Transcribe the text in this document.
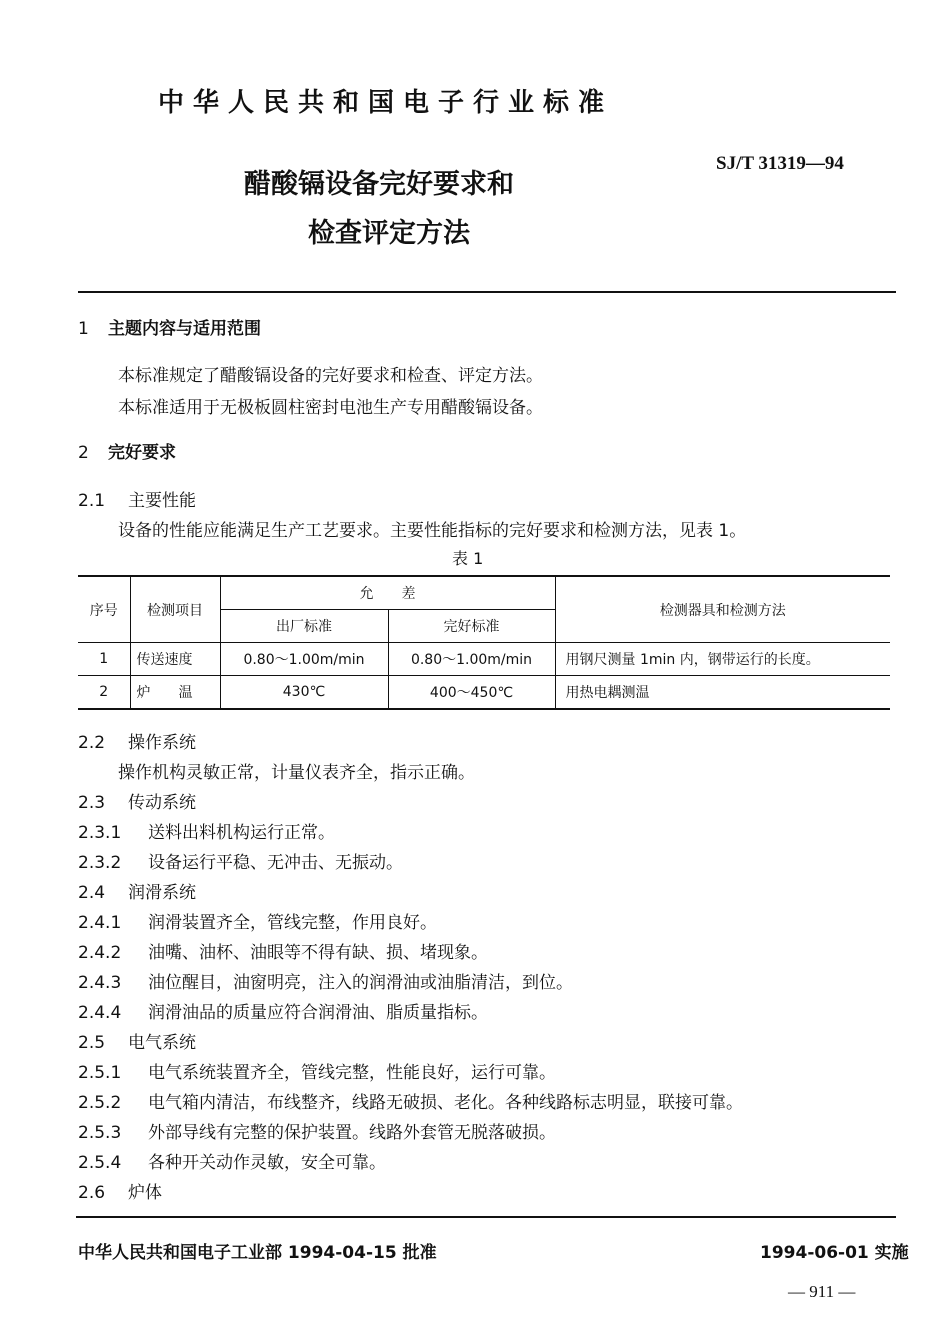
中华人民共和国电子行业标准
SJ/T 31319—94
醋酸镉设备完好要求和
检查评定方法
1 主题内容与适用范围
本标准规定了醋酸镉设备的完好要求和检查、评定方法。
本标准适用于无极板圆柱密封电池生产专用醋酸镉设备。
2 完好要求
2.1 主要性能
设备的性能应能满足生产工艺要求。主要性能指标的完好要求和检测方法，见表 1。
表 1
序号	检测项目	允　　差		检测器具和检测方法
		出厂标准	完好标准	
1	传送速度	0.80～1.00m/min	0.80～1.00m/min	用钢尺测量 1min 内，钢带运行的长度。
2	炉　　温	430℃	400～450℃	用热电耦测温
2.2 操作系统
操作机构灵敏正常，计量仪表齐全，指示正确。
2.3 传动系统
2.3.1 送料出料机构运行正常。
2.3.2 设备运行平稳、无冲击、无振动。
2.4 润滑系统
2.4.1 润滑装置齐全，管线完整，作用良好。
2.4.2 油嘴、油杯、油眼等不得有缺、损、堵现象。
2.4.3 油位醒目，油窗明亮，注入的润滑油或油脂清洁，到位。
2.4.4 润滑油品的质量应符合润滑油、脂质量指标。
2.5 电气系统
2.5.1 电气系统装置齐全，管线完整，性能良好，运行可靠。
2.5.2 电气箱内清洁，布线整齐，线路无破损、老化。各种线路标志明显，联接可靠。
2.5.3 外部导线有完整的保护装置。线路外套管无脱落破损。
2.5.4 各种开关动作灵敏，安全可靠。
2.6 炉体
中华人民共和国电子工业部 1994-04-15 批准	1994-06-01 实施
— 911 —
